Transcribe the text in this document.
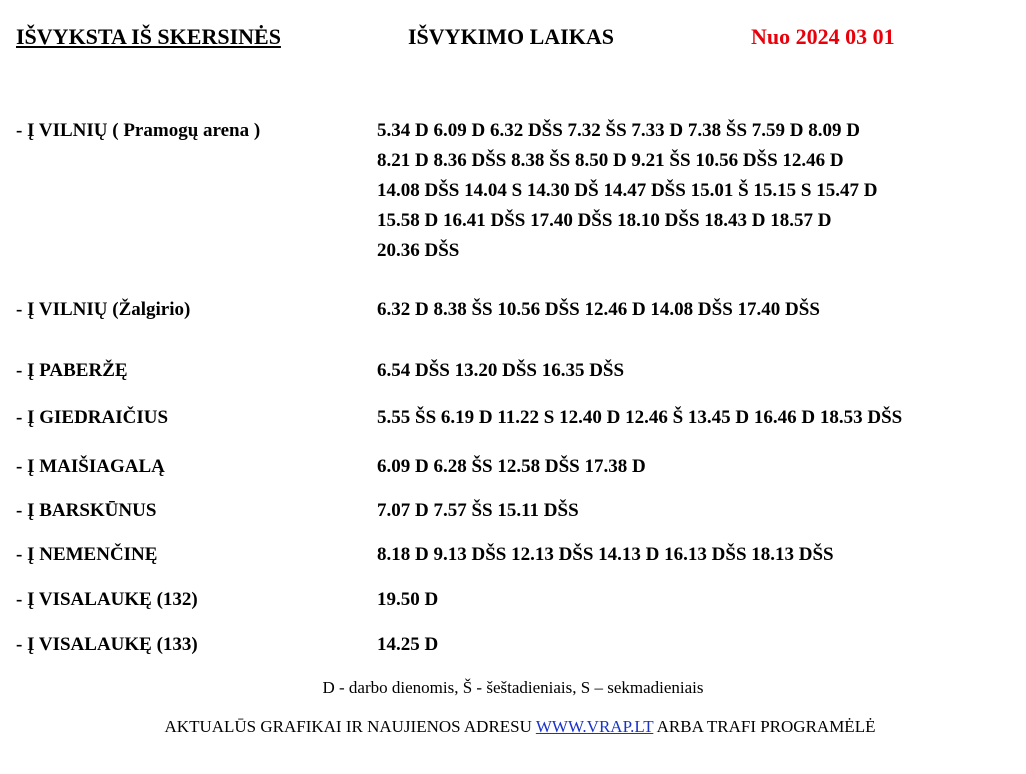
IŠVYKSTA IŠ SKERSINĖS	IŠVYKIMO LAIKAS	Nuo 2024 03 01
- Į VILNIŲ ( Pramogų arena )	5.34 D 6.09 D 6.32 DŠS 7.32 ŠS 7.33 D 7.38 ŠS 7.59 D 8.09 D
8.21 D 8.36 DŠS 8.38 ŠS 8.50 D 9.21 ŠS 10.56 DŠS 12.46 D
14.08 DŠS 14.04 S 14.30 DŠ 14.47 DŠS 15.01 Š 15.15 S 15.47 D
15.58 D 16.41 DŠS 17.40 DŠS 18.10 DŠS 18.43 D 18.57 D
20.36 DŠS
- Į VILNIŲ (Žalgirio)	6.32 D 8.38 ŠS 10.56 DŠS 12.46 D 14.08 DŠS 17.40 DŠS
- Į PABERŽĘ	6.54 DŠS 13.20 DŠS 16.35 DŠS
- Į GIEDRAIČIUS	5.55 ŠS 6.19 D 11.22 S 12.40 D 12.46 Š 13.45 D 16.46 D 18.53 DŠS
- Į MAIŠIAGALĄ	6.09 D 6.28 ŠS 12.58 DŠS 17.38 D
- Į BARSKŪNUS	7.07 D 7.57 ŠS 15.11 DŠS
- Į NEMENČINĘ	8.18 D 9.13 DŠS 12.13 DŠS 14.13 D 16.13 DŠS 18.13 DŠS
- Į VISALAUKĘ (132)	19.50 D
- Į VISALAUKĘ (133)	14.25 D
D - darbo dienomis, Š - šeštadieniais, S – sekmadieniais
AKTUALŪS GRAFIKAI IR NAUJIENOS ADRESU WWW.VRAP.LT ARBA TRAFI PROGRAMĖLĖ
